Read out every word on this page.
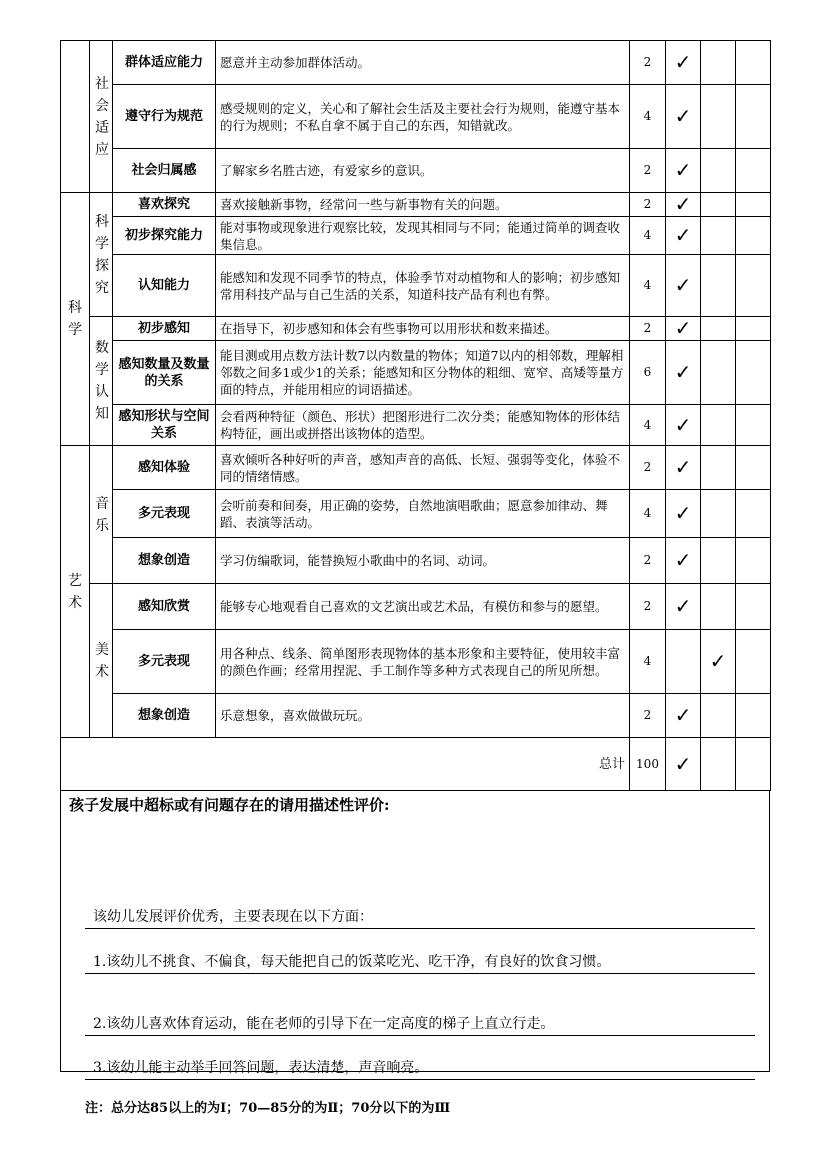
	社会适应	群体适应能力	愿意并主动参加群体活动。	2	✓		
		遵守行为规范	感受规则的定义，关心和了解社会生活及主要社会行为规则，能遵守基本的行为规则；不私自拿不属于自己的东西，知错就改。	4	✓		
		社会归属感	了解家乡名胜古迹，有爱家乡的意识。	2	✓		
科学	科学探究	喜欢探究	喜欢接触新事物，经常问一些与新事物有关的问题。	2	✓		
		初步探究能力	能对事物或现象进行观察比较，发现其相同与不同；能通过简单的调查收集信息。	4	✓		
		认知能力	能感知和发现不同季节的特点，体验季节对动植物和人的影响；初步感知常用科技产品与自己生活的关系，知道科技产品有利也有弊。	4	✓		
	数学认知	初步感知	在指导下，初步感知和体会有些事物可以用形状和数来描述。	2	✓		
		感知数量及数量的关系	能目测或用点数方法计数7以内数量的物体；知道7以内的相邻数，理解相邻数之间多1或少1的关系；能感知和区分物体的粗细、宽窄、高矮等量方面的特点，并能用相应的词语描述。	6	✓		
		感知形状与空间关系	会看两种特征（颜色、形状）把图形进行二次分类；能感知物体的形体结构特征，画出或拼搭出该物体的造型。	4	✓		
艺术	音乐	感知体验	喜欢倾听各种好听的声音，感知声音的高低、长短、强弱等变化，体验不同的情绪情感。	2	✓		
		多元表现	会听前奏和间奏，用正确的姿势，自然地演唱歌曲；愿意参加律动、舞蹈、表演等活动。	4	✓		
		想象创造	学习仿编歌词，能替换短小歌曲中的名词、动词。	2	✓		
	美术	感知欣赏	能够专心地观看自己喜欢的文艺演出或艺术品，有模仿和参与的愿望。	2	✓		
		多元表现	用各种点、线条、简单图形表现物体的基本形象和主要特征，使用较丰富的颜色作画；经常用捏泥、手工制作等多种方式表现自己的所见所想。	4		✓	
		想象创造	乐意想象，喜欢做做玩玩。	2	✓		
总计				100	✓		
孩子发展中超标或有问题存在的请用描述性评价:
该幼儿发展评价优秀，主要表现在以下方面：
1.该幼儿不挑食、不偏食，每天能把自己的饭菜吃光、吃干净，有良好的饮食习惯。
2.该幼儿喜欢体育运动，能在老师的引导下在一定高度的梯子上直立行走。
3.该幼儿能主动举手回答问题，表达清楚，声音响亮。
注：总分达85以上的为Ⅰ；70—85分的为Ⅱ；70分以下的为Ⅲ
